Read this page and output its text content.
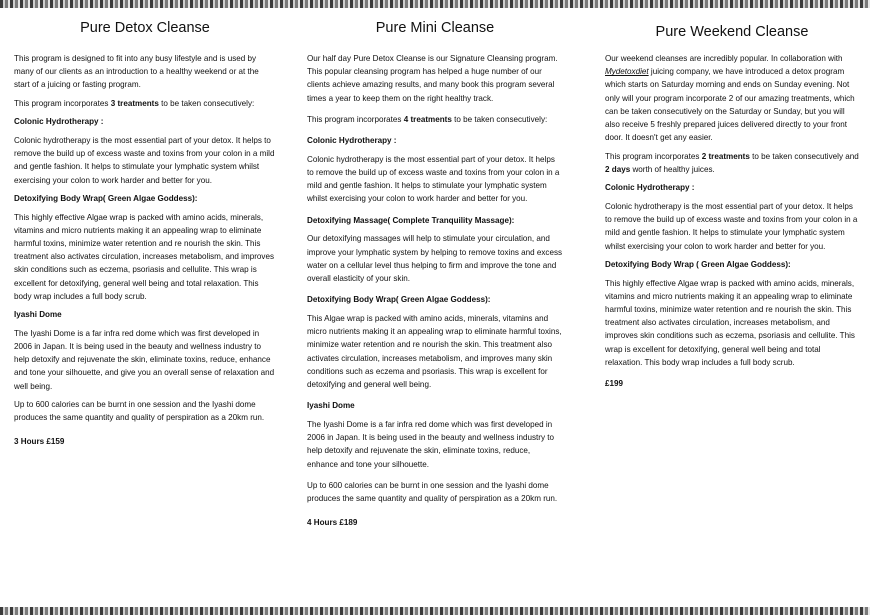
Pure Detox Cleanse

This program is designed to fit into any busy lifestyle and is used by many of our clients as an introduction to a healthy weekend or at the start of a juicing or fasting program.

This program incorporates 3 treatments to be taken consecutively:

Colonic Hydrotherapy :

Colonic hydrotherapy is the most essential part of your detox. It helps to remove the build up of excess waste and toxins from your colon in a mild and gentle fashion. It helps to stimulate your lymphatic system whilst exercising your colon to work harder and better for you.

Detoxifying Body Wrap( Green Algae Goddess):

This highly effective Algae wrap is packed with amino acids, minerals, vitamins and micro nutrients making it an appealing wrap to eliminate harmful toxins, minimize water retention and re nourish the skin. This treatment also activates circulation, increases metabolism, and improves skin conditions such as eczema, psoriasis and cellulite. This wrap is excellent for detoxifying, general well being and total relaxation. This body wrap includes a full body scrub.

Iyashi Dome

The Iyashi Dome is a far infra red dome which was first developed in 2006 in Japan. It is being used in the beauty and wellness industry to help detoxify and rejuvenate the skin, eliminate toxins, reduce, enhance and tone your silhouette, and give you an overall sense of relaxation and well being.

Up to 600 calories can be burnt in one session and the Iyashi dome produces the same quantity and quality of perspiration as a 20km run.

3 Hours £159

Pure Mini Cleanse

Our half day Pure Detox Cleanse is our Signature Cleansing program. This popular cleansing program has helped a huge number of our clients achieve amazing results, and many book this program several times a year to keep them on the right healthy track.

This program incorporates 4 treatments to be taken consecutively:

Colonic Hydrotherapy :

Colonic hydrotherapy is the most essential part of your detox. It helps to remove the build up of excess waste and toxins from your colon in a mild and gentle fashion. It helps to stimulate your lymphatic system whilst exercising your colon to work harder and better for you.

Detoxifying Massage( Complete Tranquility Massage):

Our detoxifying massages will help to stimulate your circulation, and improve your lymphatic system by helping to remove toxins and excess water on a cellular level thus helping to firm and improve the tone and overall elasticity of your skin.

Detoxifying Body Wrap( Green Algae Goddess):

This Algae wrap is packed with amino acids, minerals, vitamins and micro nutrients making it an appealing wrap to eliminate harmful toxins, minimize water retention and re nourish the skin. This treatment also activates circulation, increases metabolism, and improves many skin conditions such as eczema and psoriasis. This wrap is excellent for detoxifying and general well being.

Iyashi Dome

The Iyashi Dome is a far infra red dome which was first developed in 2006 in Japan. It is being used in the beauty and wellness industry to help detoxify and rejuvenate the skin, eliminate toxins, reduce, enhance and tone your silhouette.

Up to 600 calories can be burnt in one session and the Iyashi dome produces the same quantity and quality of perspiration as a 20km run.

4 Hours £189

Pure Weekend Cleanse

Our weekend cleanses are incredibly popular. In collaboration with Mydetoxdiet juicing company, we have introduced a detox program which starts on Saturday morning and ends on Sunday evening. Not only will your program incorporate 2 of our amazing treatments, which can be taken consecutively on the Saturday or Sunday, but you will also receive 5 freshly prepared juices delivered directly to your front door. It doesn't get any easier.

This program incorporates 2 treatments to be taken consecutively and 2 days worth of healthy juices.

Colonic Hydrotherapy :

Colonic hydrotherapy is the most essential part of your detox. It helps to remove the build up of excess waste and toxins from your colon in a mild and gentle fashion. It helps to stimulate your lymphatic system whilst exercising your colon to work harder and better for you.

Detoxifying Body Wrap ( Green Algae Goddess):

This highly effective Algae wrap is packed with amino acids, minerals, vitamins and micro nutrients making it an appealing wrap to eliminate harmful toxins, minimize water retention and re nourish the skin. This treatment also activates circulation, increases metabolism, and improves skin conditions such as eczema, psoriasis and cellulite. This wrap is excellent for detoxifying, general well being and total relaxation. This body wrap includes a full body scrub.

£199
